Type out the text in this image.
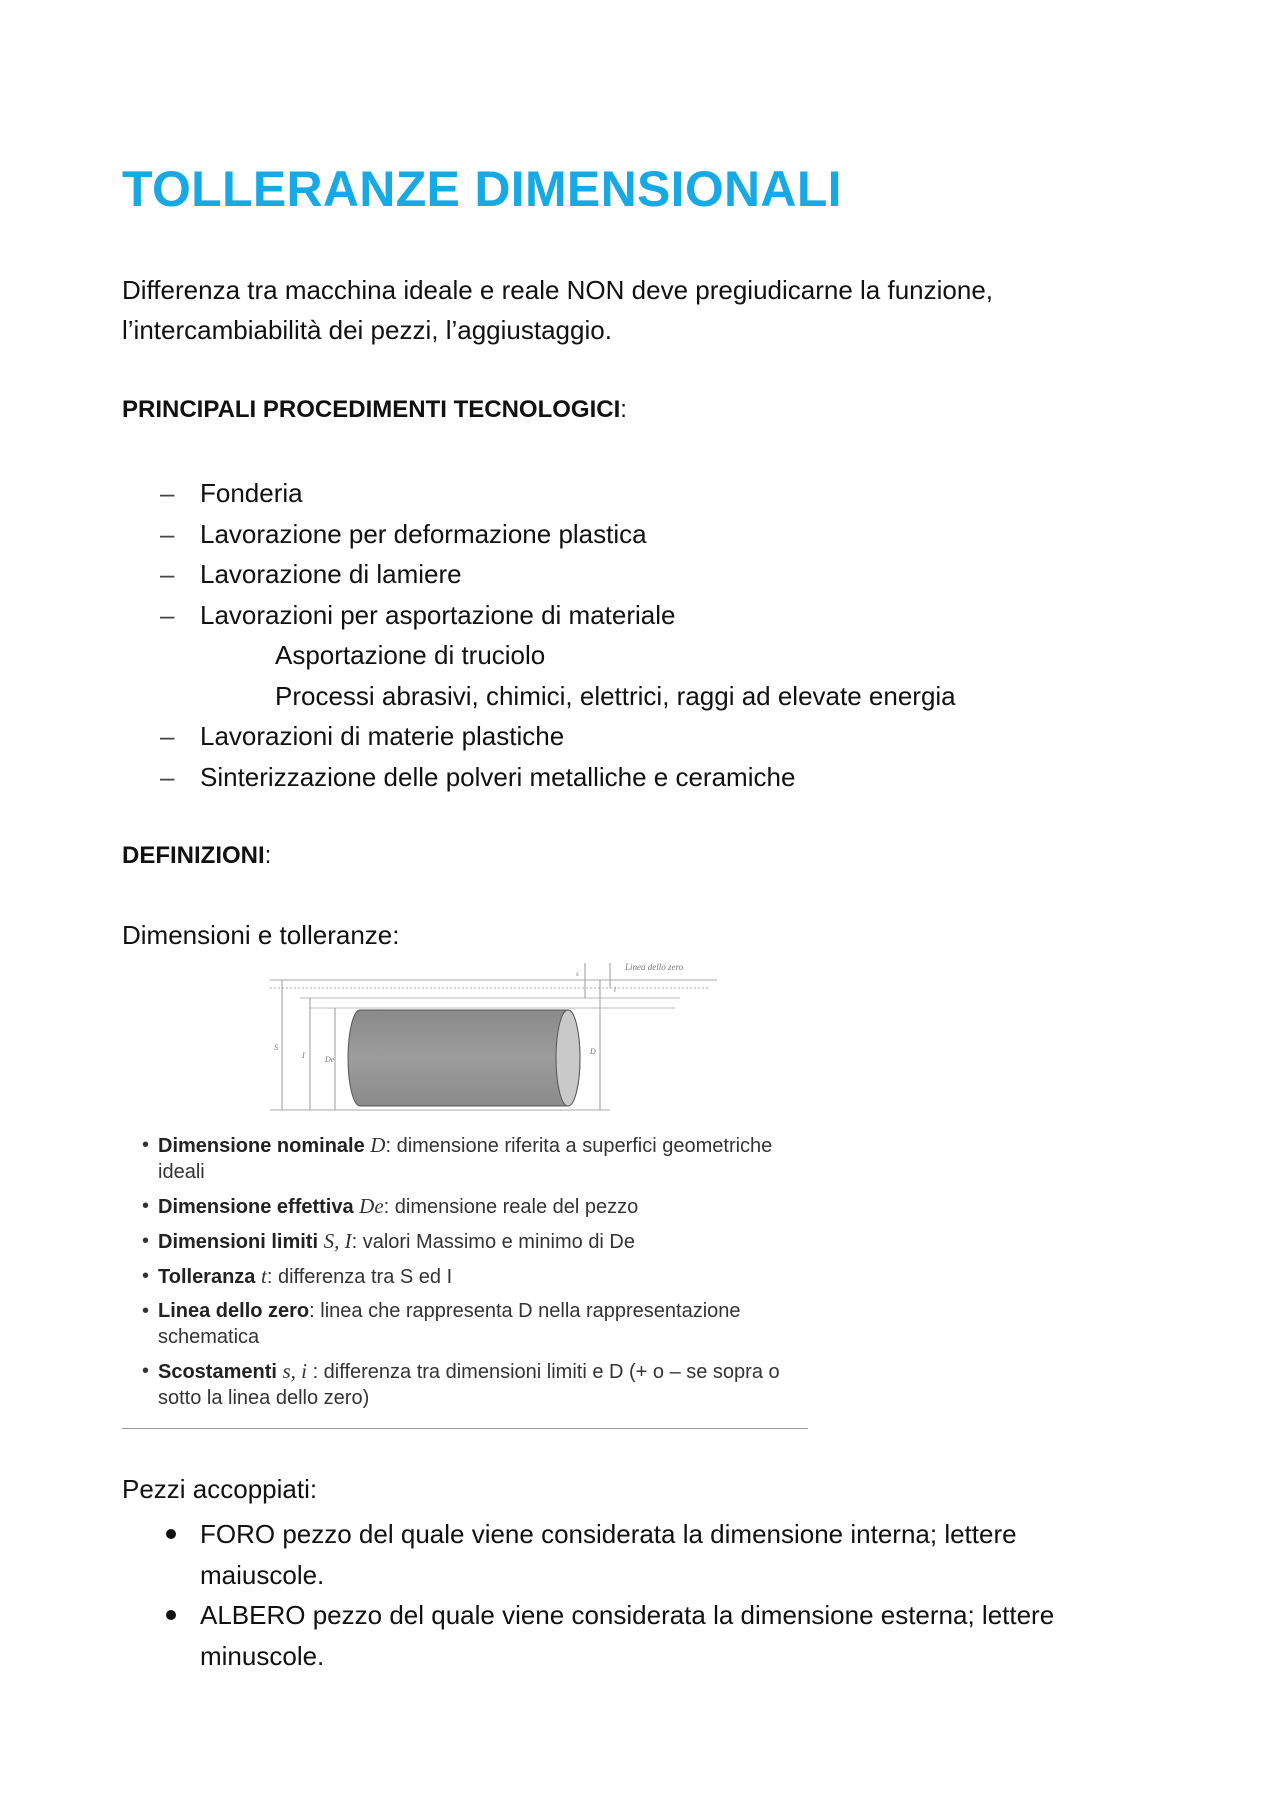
TOLLERANZE DIMENSIONALI
Differenza tra macchina ideale e reale NON deve pregiudicarne la funzione, l’intercambiabilità dei pezzi, l’aggiustaggio.
PRINCIPALI PROCEDIMENTI TECNOLOGICI:
– Fonderia
– Lavorazione per deformazione plastica
– Lavorazione di lamiere
– Lavorazioni per asportazione di materiale
Asportazione di truciolo
Processi abrasivi, chimici, elettrici, raggi ad elevate energia
– Lavorazioni di materie plastiche
– Sinterizzazione delle polveri metalliche e ceramiche
DEFINIZIONI:
Dimensioni e tolleranze:
S
I	De
D
s
i
Linea dello zero
• Dimensione nominale D: dimensione riferita a superfici geometriche ideali
• Dimensione effettiva De: dimensione reale del pezzo
• Dimensioni limiti S, I: valori Massimo e minimo di De
• Tolleranza t: differenza tra S ed I
• Linea dello zero: linea che rappresenta D nella rappresentazione schematica
• Scostamenti s, i : differenza tra dimensioni limiti e D (+ o – se sopra o sotto la linea dello zero)
Pezzi accoppiati:
FORO pezzo del quale viene considerata la dimensione interna; lettere maiuscole.
ALBERO pezzo del quale viene considerata la dimensione esterna; lettere minuscole.
